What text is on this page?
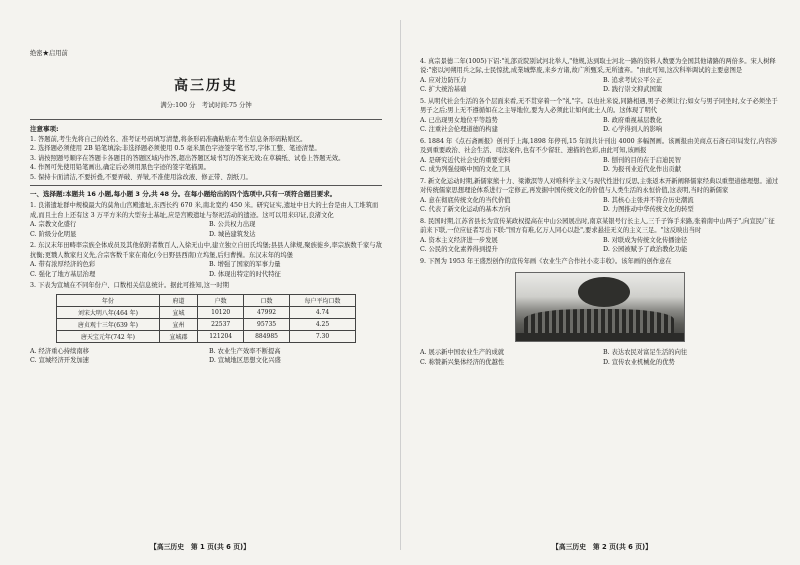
绝密★启用前
高三历史
满分:100 分　考试时间:75 分钟
注意事项:
1. 答题前,考生先将自己的姓名、准考证号码填写清楚,将条形码准确粘贴在考生信息条形码粘贴区。
2. 选择题必须使用 2B 铅笔填涂;非选择题必须使用 0.5 毫米黑色字迹签字笔书写,字体工整、笔迹清楚。
3. 请按照题号顺序在答题卡各题目的答题区域内作答,超出答题区域书写的答案无效;在草稿纸、试卷上答题无效。
4. 作图可先使用铅笔画出,确定后必须用黑色字迹的签字笔描黑。
5. 保持卡面清洁,不要折叠,不要弄破、弄皱,不准使用涂改液、修正带、刮纸刀。
一、选择题:本题共 16 小题,每小题 3 分,共 48 分。在每小题给出的四个选项中,只有一项符合题目要求。
1. 良渚遗址群中规模最大的莫角山宫殿遗址,东西长约 670 米,南北宽约 450 米。研究证实,遗址中日大的土台是由人工堆筑而成,而且土台上还有这 3 万平方米的大型夯土基址,应是宫殿遗址与祭祀活动的遗迹。这可以用来印证,良渚文化
A. 宗教文化盛行	B. 公共权力出现
C. 阶级分化明显	D. 城邑建筑发达
2. 东汉末年田畴率宗族全体成员及其他依附者数百人,入徐无山中,建立独立自田氏坞堡;县县人律规,聚族徙乡,率宗族数千家与敌抗衡;更戮人数家归义先,合宗客数千家在南化(今日野县西南)立坞堡,后归曹操。东汉末年的坞堡
A. 带有浓厚经济的色彩	B. 增强了国家的军事力量
C. 强化了地方基层治理	D. 体现出特定的时代特征
3. 下表为宣城在不同年份户、口数相关信息统计。据此可推知,这一时期
年份	府道	户数	口数	每户平均口数
刘宋大明八年(464 年)	宣城	10120	47992	4.74
唐贞观十三年(639 年)	宣州	22537	95735	4.25
唐天宝元年(742 年)	宣城郡	121204	884985	7.30
A. 经济重心持续南移	B. 农业生产效率不断提高
C. 宣城经济开发加速	D. 宣城地区思想文化兴盛
【高三历史　第 1 页(共 6 页)】
4. 真宗景德二年(1005)下诏:"礼部贡院别试河北举人,"他规,达到取士河北一路的资料人数要为全国其他诸路的两倍多。宋人树释说:"密以河朔用兵之际,士民惊扰,成業城弊废,来乡方诸,故广所甄采,无所遗弃。"由此可知,这次科举调试的主要意图是
A. 应对边防压力	B. 追求考试公平公正
C. 扩大统治基础	D. 践行崇文抑武国策
5. 从明代社会生活的各个层面来看,无不贯穿着一个"礼"字。以也社米说,同路相遇,男子必须让行;如女与男子同坐时,女子必须坐于男子之后;男上无不遵循如在之主导地位,要为人必须此让如何此土人的。这体现了明代
A. 已出现男女地位平等趋势	B. 政府重视基层教化
C. 注重社会伦理道德的构建	D. 心学得到人的影响
6. 1884 年《点石斋画报》创刊于上海,1898 年停刊,15 年间共计刊出 4000 多幅图画。该画报由美商点石斋石印局发行,内容涉及到重要政治、社会生活、司法案件,也有不少留驻、速描的色彩,由此可知,该画报
A. 是研究近代社会史的重要史料	B. 刨刊的目的在于启迪民智
C. 成为列强侵略中国的文化工具	D. 为报刊业近代化作出贡献
7. 新文化运动时期,新儒家熊十力、梁漱溟等人对唯科学主义与现代性进行反思,主张返本开新阐释儒家经典以重塑道德理想。通过对传统儒家思想理论体系进行一定修正,再发掘中国传统文化的价值与人类生活的永恒价值,这表明,当时的新儒家
A. 意在彻底传统文化的当代价值	B. 其核心主张并不符合历史潮流
C. 代表了新文化运动的基本方向	D. 力图推动中华传统文化的转型
8. 民国时期,江苏省县长为宣传某政权提高在中山公园展出时,南京某银号行长主人,三千子饰手来路,张着南中山两子",向宣民广征前来下联,一位应征者写出下联:"国方有难,亿万人同心以赴",要求悬挂无义的主义三足。"这反映出当时
A. 资本主义经济进一步发展	B. 对联成为传统文化传播途径
C. 公民的文化素养得到提升	D. 公园被赋予了政治教化功能
9. 下图为 1953 年王盛烈创作的宣传年画《农业生产合作社小麦丰收》。该年画的创作意在
A. 展示新中国农业生产的成就	B. 表达农民对富足生活的向往
C. 称赞新兴集体经济的优越性	D. 宣传农业机械化的优势
【高三历史　第 2 页(共 6 页)】
